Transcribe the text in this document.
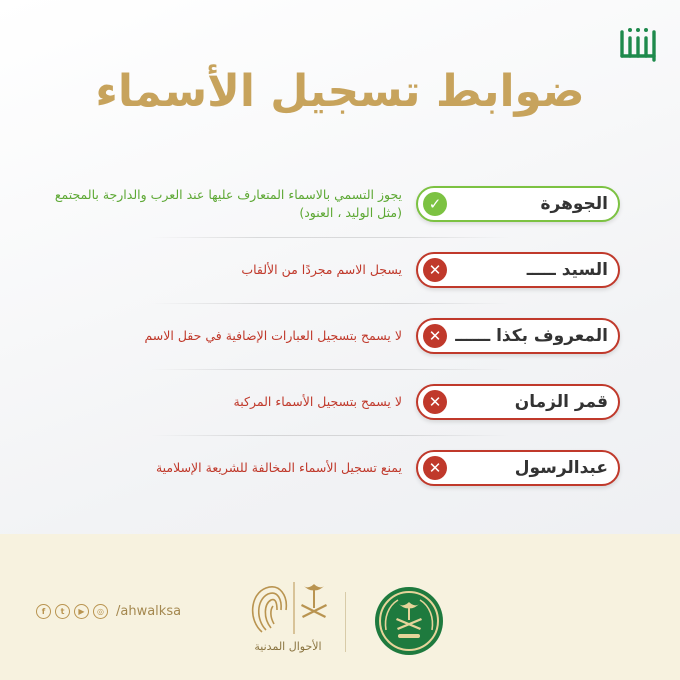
ضوابط تسجيل الأسماء
الجوهرة
✓
يجوز التسمي بالاسماء المتعارف عليها عند العرب والدارجة بالمجتمع (مثل الوليد ، العنود)
السيد ـــــ
✕
يسجل الاسم مجردًا من الألقاب
المعروف بكذا ــــــ
✕
لا يسمح بتسجيل العبارات الإضافية في حقل الاسم
قمر الزمان
✕
لا يسمح بتسجيل الأسماء المركبة
عبدالرسول
✕
يمنع تسجيل الأسماء المخالفة للشريعة الإسلامية
f	t	▶	◎ /ahwalksa
الأحوال المدنية
